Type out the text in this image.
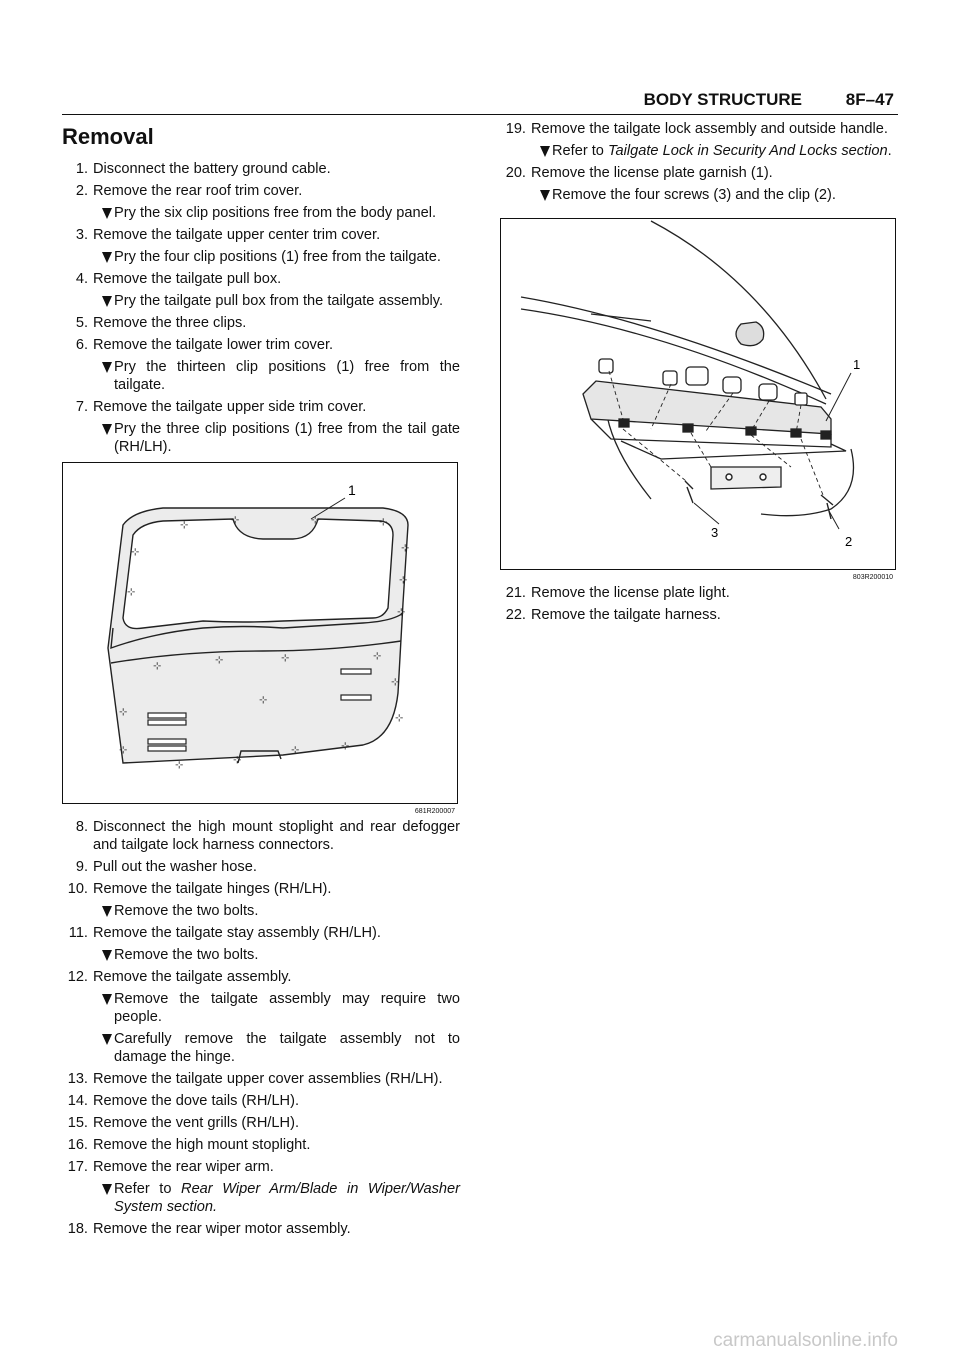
BODY STRUCTURE	8F–47
Removal
1. Disconnect the battery ground cable.
2. Remove the rear roof trim cover.
Pry the six clip positions free from the body panel.
3. Remove the tailgate upper center trim cover.
Pry the four clip positions (1) free from the tailgate.
4. Remove the tailgate pull box.
Pry the tailgate pull box from the tailgate assembly.
5. Remove the three clips.
6. Remove the tailgate lower trim cover.
Pry the thirteen clip positions (1) free from the tailgate.
7. Remove the tailgate upper side trim cover.
Pry the three clip positions (1) free from the tail gate (RH/LH).
⊹	⊹	⊹	⊹
⊹
⊹
⊹
⊹
⊹
⊹
⊹	⊹	⊹
⊹
⊹
⊹
⊹
⊹
⊹	⊹
⊹	⊹
1
681R200007
8. Disconnect the high mount stoplight and rear defogger and tailgate lock harness connectors.
9. Pull out the washer hose.
10. Remove the tailgate hinges (RH/LH).
Remove the two bolts.
11. Remove the tailgate stay assembly (RH/LH).
Remove the two bolts.
12. Remove the tailgate assembly.
Remove the tailgate assembly may require two people.
Carefully remove the tailgate assembly not to damage the hinge.
13. Remove the tailgate upper cover assemblies (RH/LH).
14. Remove the dove tails (RH/LH).
15. Remove the vent grills (RH/LH).
16. Remove the high mount stoplight.
17. Remove the rear wiper arm.
Refer to Rear Wiper Arm/Blade in Wiper/Washer System section.
18. Remove the rear wiper motor assembly.
19. Remove the tailgate lock assembly and outside handle.
Refer to Tailgate Lock in Security And Locks section.
20. Remove the license plate garnish (1).
Remove the four screws (3) and the clip (2).
1
2
3
803R200010
21. Remove the license plate light.
22. Remove the tailgate harness.
carmanualsonline.info
